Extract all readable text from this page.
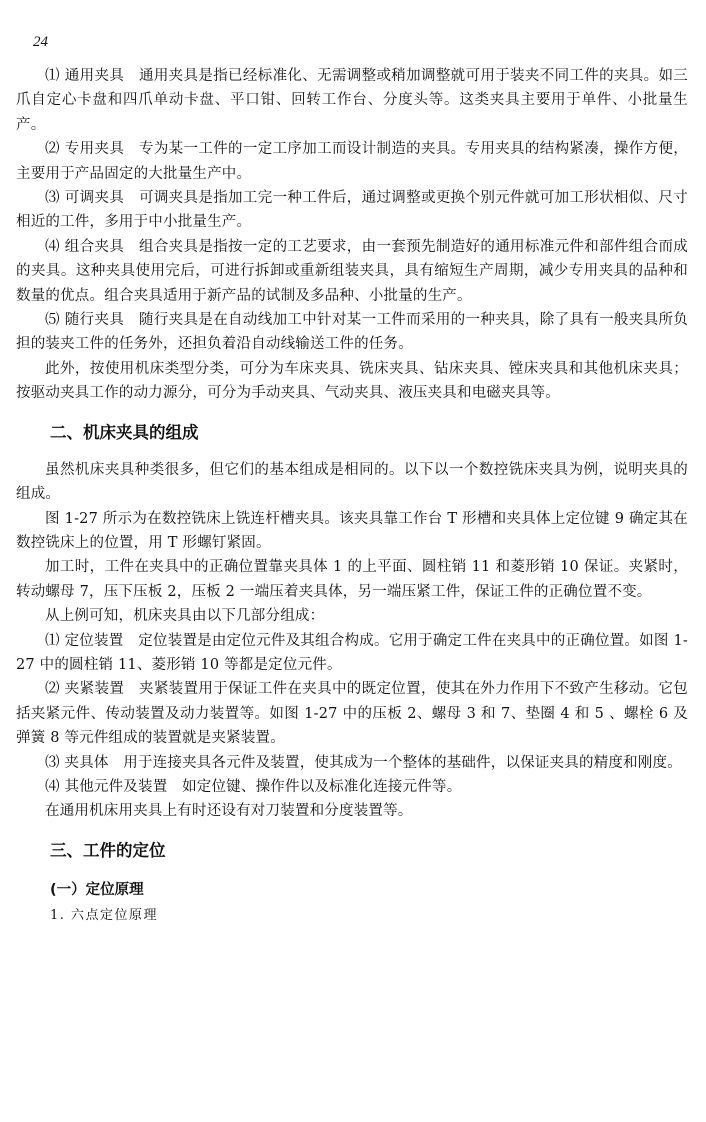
24

⑴ 通用夹具　通用夹具是指已经标准化、无需调整或稍加调整就可用于装夹不同工件的夹具。如三爪自定心卡盘和四爪单动卡盘、平口钳、回转工作台、分度头等。这类夹具主要用于单件、小批量生产。

⑵ 专用夹具　专为某一工件的一定工序加工而设计制造的夹具。专用夹具的结构紧凑，操作方便，主要用于产品固定的大批量生产中。

⑶ 可调夹具　可调夹具是指加工完一种工件后，通过调整或更换个别元件就可加工形状相似、尺寸相近的工件，多用于中小批量生产。

⑷ 组合夹具　组合夹具是指按一定的工艺要求，由一套预先制造好的通用标准元件和部件组合而成的夹具。这种夹具使用完后，可进行拆卸或重新组装夹具，具有缩短生产周期，减少专用夹具的品种和数量的优点。组合夹具适用于新产品的试制及多品种、小批量的生产。

⑸ 随行夹具　随行夹具是在自动线加工中针对某一工件而采用的一种夹具，除了具有一般夹具所负担的装夹工件的任务外，还担负着沿自动线输送工件的任务。

此外，按使用机床类型分类，可分为车床夹具、铣床夹具、钻床夹具、镗床夹具和其他机床夹具；按驱动夹具工作的动力源分，可分为手动夹具、气动夹具、液压夹具和电磁夹具等。

二、机床夹具的组成

虽然机床夹具种类很多，但它们的基本组成是相同的。以下以一个数控铣床夹具为例，说明夹具的组成。

图 1-27 所示为在数控铣床上铣连杆槽夹具。该夹具靠工作台 T 形槽和夹具体上定位键 9 确定其在数控铣床上的位置，用 T 形螺钉紧固。

加工时，工件在夹具中的正确位置靠夹具体 1 的上平面、圆柱销 11 和菱形销 10 保证。夹紧时，转动螺母 7，压下压板 2，压板 2 一端压着夹具体，另一端压紧工件，保证工件的正确位置不变。

从上例可知，机床夹具由以下几部分组成：

⑴ 定位装置　定位装置是由定位元件及其组合构成。它用于确定工件在夹具中的正确位置。如图 1-27 中的圆柱销 11、菱形销 10 等都是定位元件。

⑵ 夹紧装置　夹紧装置用于保证工件在夹具中的既定位置，使其在外力作用下不致产生移动。它包括夹紧元件、传动装置及动力装置等。如图 1-27 中的压板 2、螺母 3 和 7、垫圈 4 和 5 、螺栓 6 及弹簧 8 等元件组成的装置就是夹紧装置。

⑶ 夹具体　用于连接夹具各元件及装置，使其成为一个整体的基础件，以保证夹具的精度和刚度。

⑷ 其他元件及装置　如定位键、操作件以及标准化连接元件等。

在通用机床用夹具上有时还设有对刀装置和分度装置等。

三、工件的定位
(一）定位原理
1. 六点定位原理
